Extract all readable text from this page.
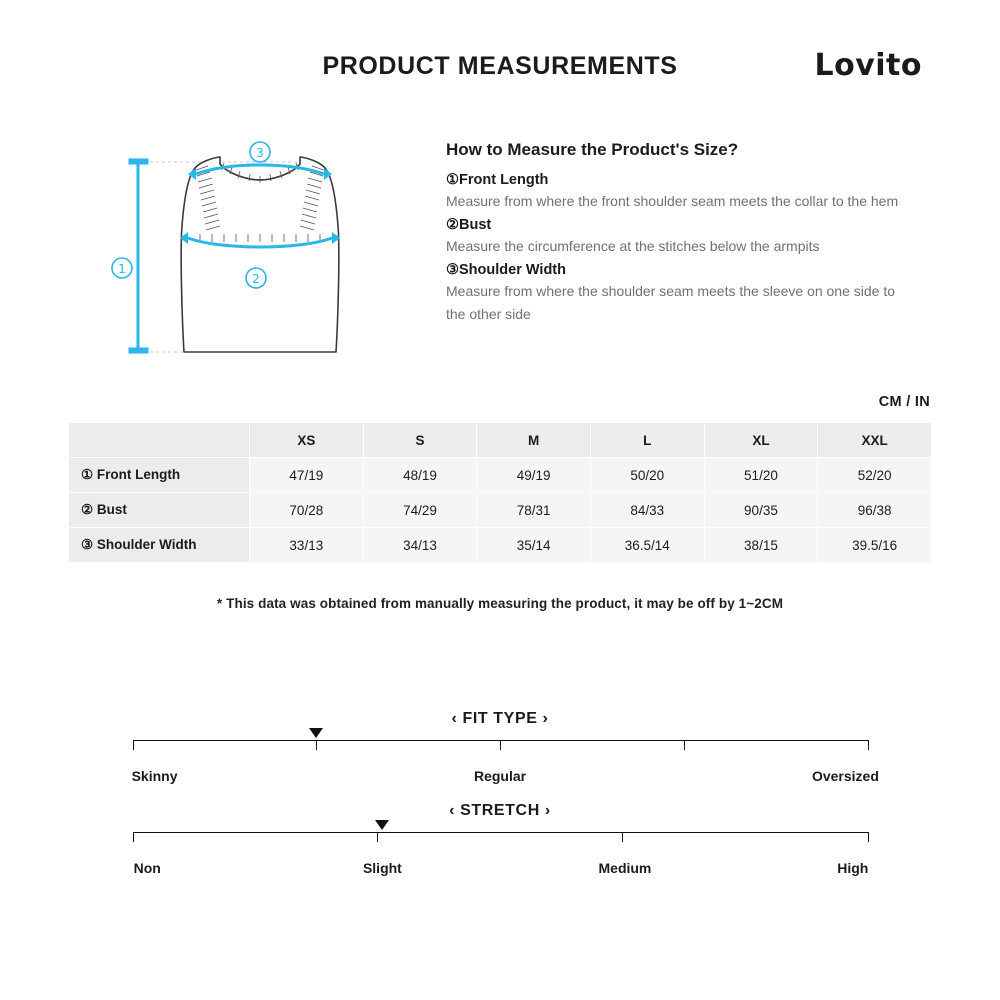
PRODUCT MEASUREMENTS	Lovito
3
1
2
How to Measure the Product's Size?
①Front Length
Measure from where the front shoulder seam meets the collar to the hem
②Bust
Measure the circumference at the stitches below the armpits
③Shoulder Width
Measure from where the shoulder seam meets the sleeve on one side to the other side
CM / IN
	XS	S	M	L	XL	XXL
① Front Length	47/19	48/19	49/19	50/20	51/20	52/20
② Bust	70/28	74/29	78/31	84/33	90/35	96/38
③ Shoulder Width	33/13	34/13	35/14	36.5/14	38/15	39.5/16
* This data was obtained from manually measuring the product, it may be off by 1~2CM
‹ FIT TYPE ›
Skinny	Regular	Oversized
‹ STRETCH ›
Non	Slight	Medium	High
